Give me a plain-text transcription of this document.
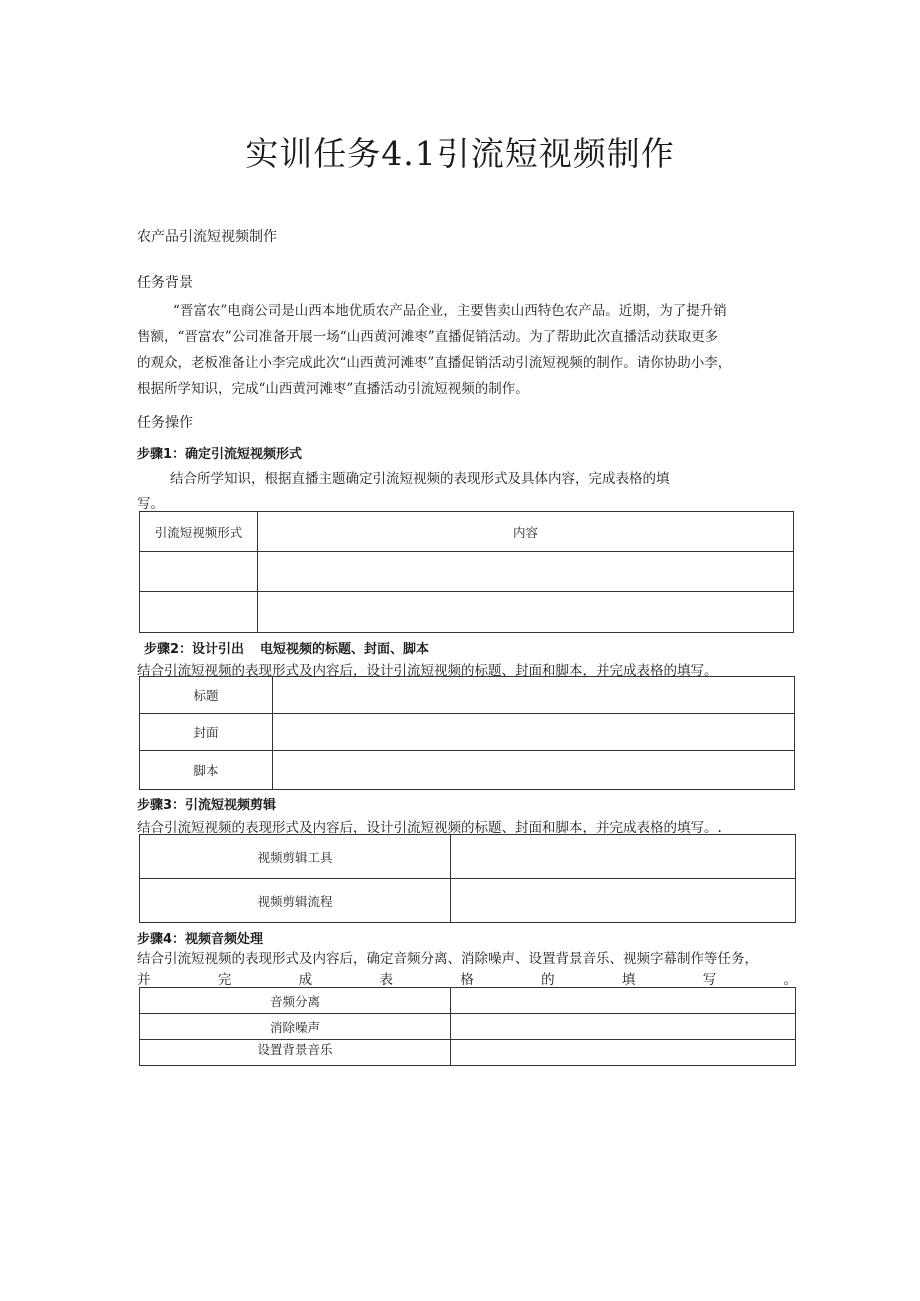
实训任务4.1引流短视频制作
农产品引流短视频制作
任务背景
“晋富农”电商公司是山西本地优质农产品企业，主要售卖山西特色农产品。近期，为了提升销
售额，“晋富农”公司准备开展一场“山西黄河滩枣”直播促销活动。为了帮助此次直播活动获取更多
的观众，老板准备让小李完成此次“山西黄河滩枣”直播促销活动引流短视频的制作。请你协助小李，
根据所学知识，完成“山西黄河滩枣”直播活动引流短视频的制作。
任务操作
步骤1：确定引流短视频形式
结合所学知识，根据直播主题确定引流短视频的表现形式及具体内容，完成表格的填
写。
引流短视频形式	内容

步骤2：设计引出 电短视频的标题、封面、脚本
结合引流短视频的表现形式及内容后，设计引流短视频的标题、封面和脚本，并完成表格的填写。
标题	
封面	
脚本	
步骤3：引流短视频剪辑
结合引流短视频的表现形式及内容后，设计引流短视频的标题、封面和脚本，并完成表格的填写。.
视频剪辑工具	
视频剪辑流程	
步骤4：视频音频处理
结合引流短视频的表现形式及内容后，确定音频分离、消除噪声、设置背景音乐、视频字幕制作等任务，
并	完	成	表	格	的	填	写	。
音频分离	
消除噪声	
设置背景音乐	
